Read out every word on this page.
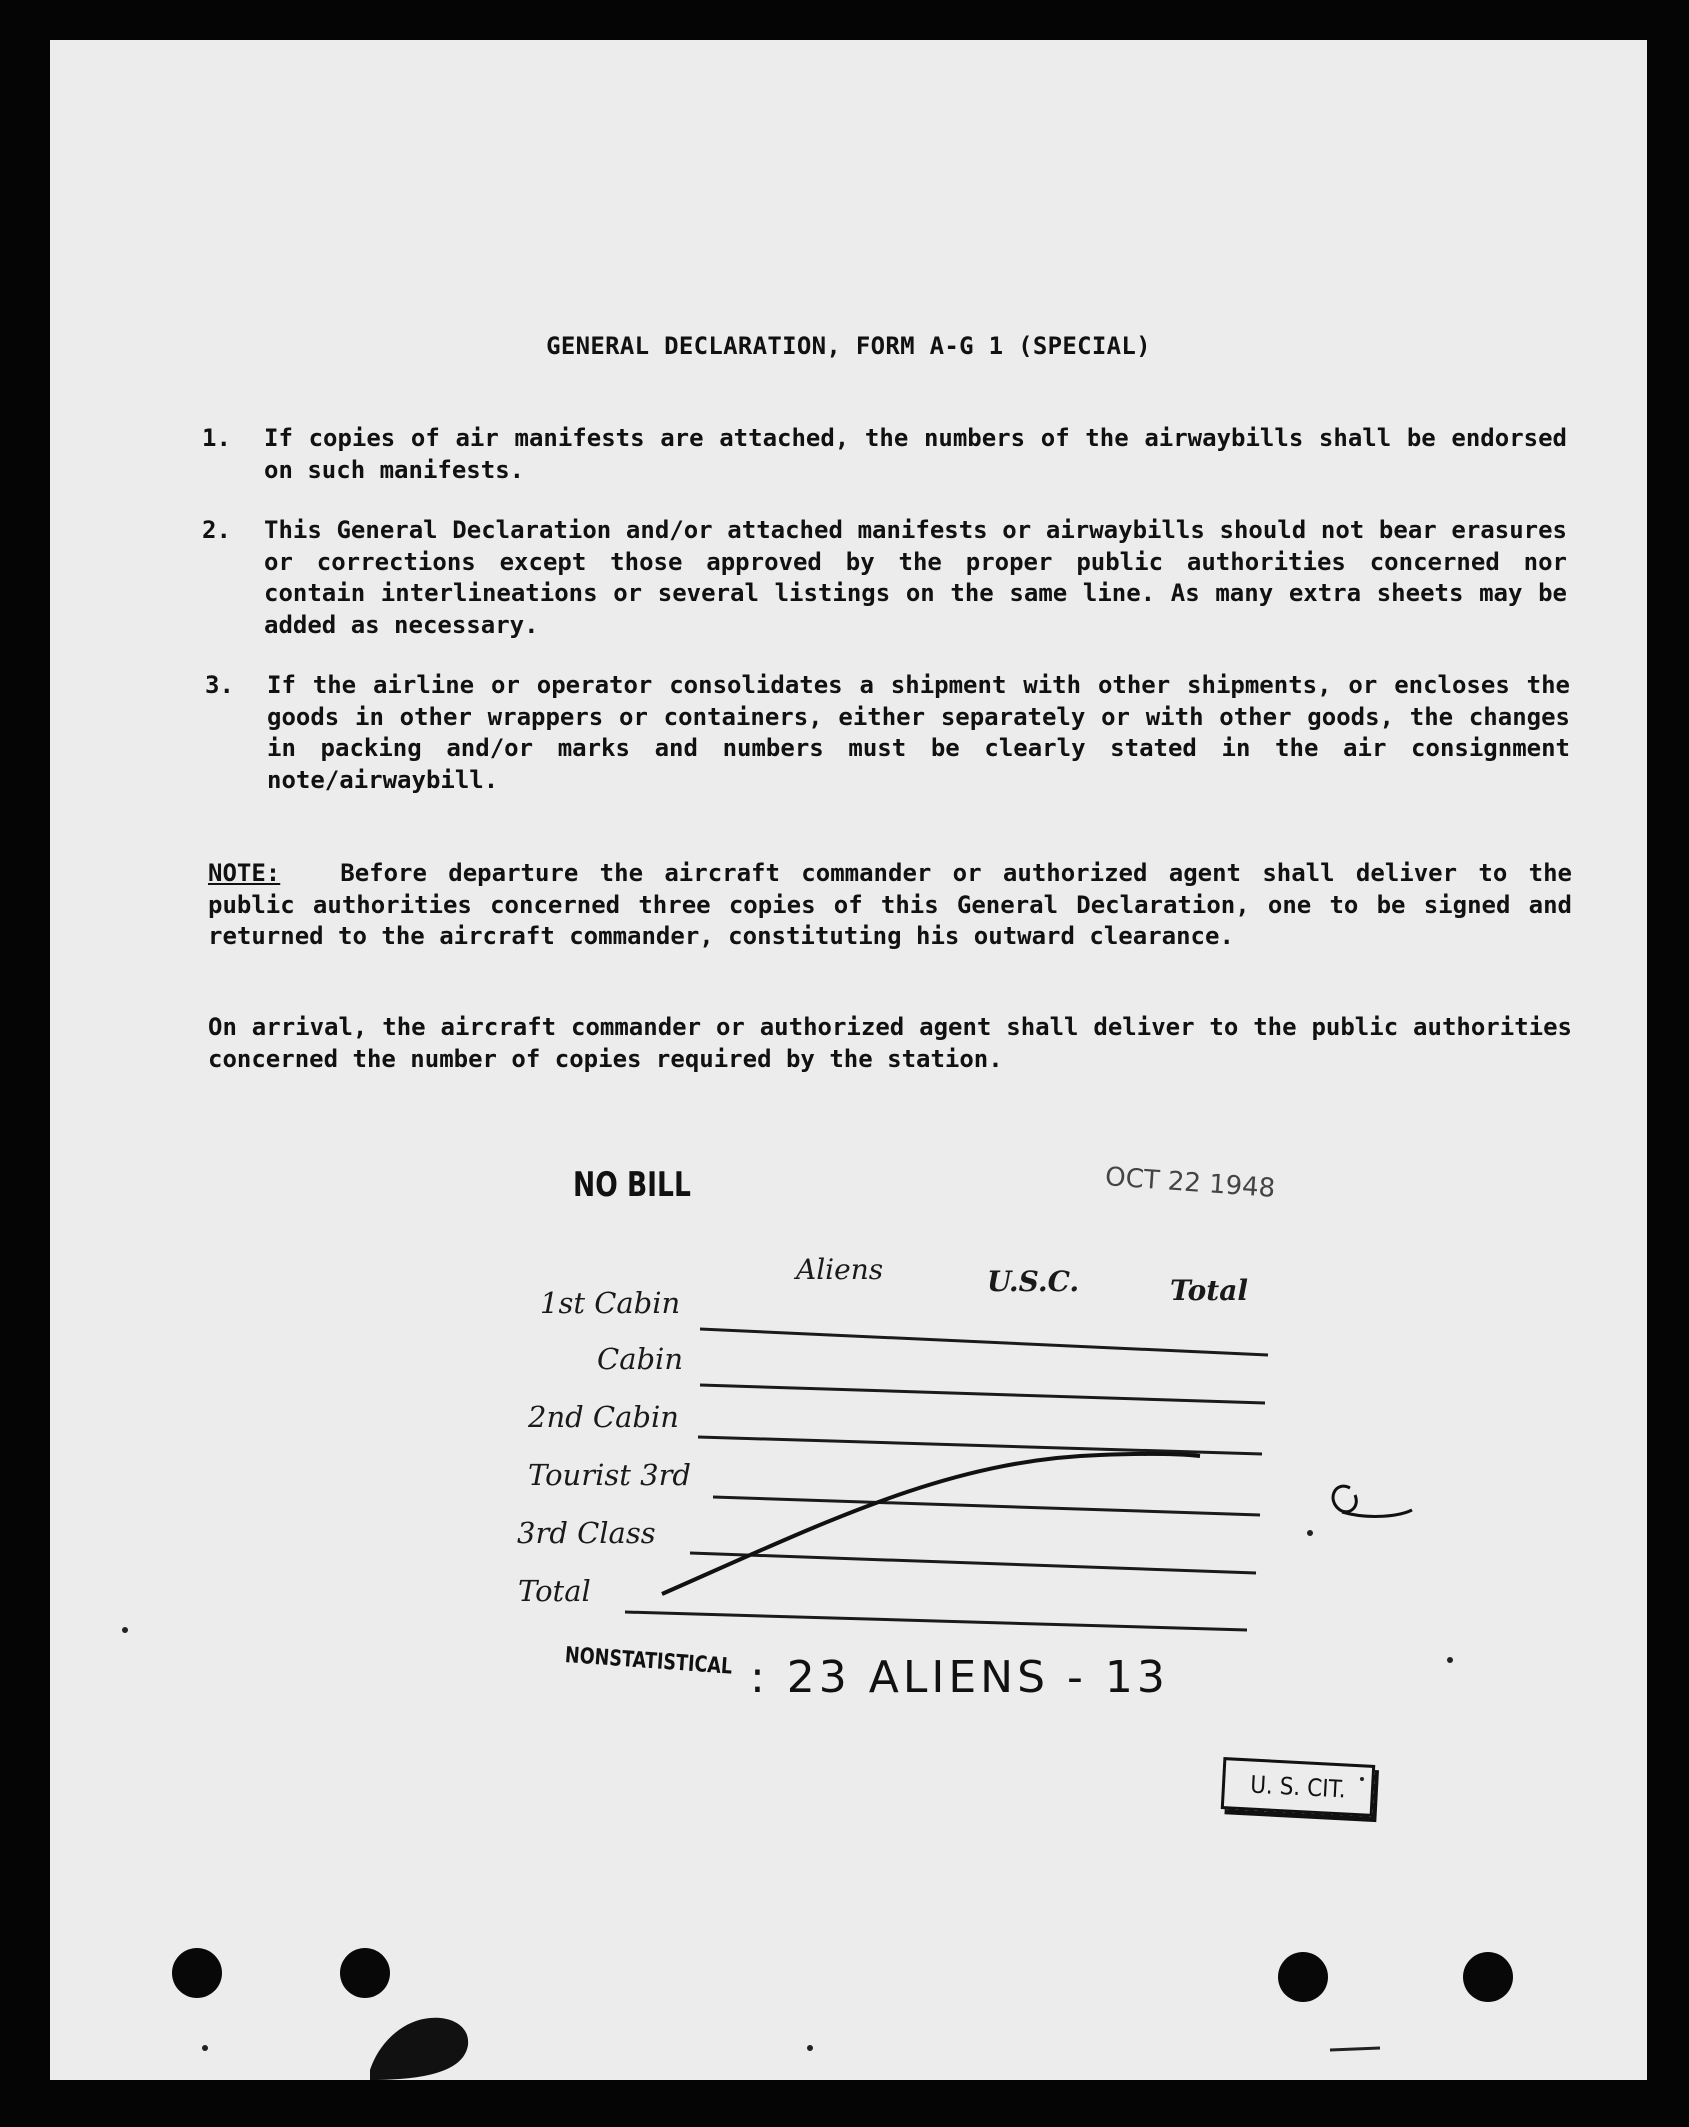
GENERAL DECLARATION, FORM A-G 1 (SPECIAL)
1. If copies of air manifests are attached, the numbers of the airwaybills shall be endorsed on such manifests.
2. This General Declaration and/or attached manifests or airwaybills should not bear erasures or corrections except those approved by the proper public authorities concerned nor contain interlineations or several listings on the same line. As many extra sheets may be added as necessary.
3. If the airline or operator consolidates a shipment with other shipments, or encloses the goods in other wrappers or containers, either separately or with other goods, the changes in packing and/or marks and numbers must be clearly stated in the air consignment note/airwaybill.
NOTE:	Before departure the aircraft commander or authorized agent shall deliver to the public authorities concerned three copies of this General Declaration, one to be signed and returned to the aircraft commander, constituting his outward clearance.
On arrival, the aircraft commander or authorized agent shall deliver to the public authorities concerned the number of copies required by the station.
NO BILL	OCT 22 1948
Aliens	U.S.C.	Total
1st Cabin
Cabin
2nd Cabin
Tourist 3rd
3rd Class
Total
NONSTATISTICAL : 23 ALIENS - 13
U. S. CIT.
